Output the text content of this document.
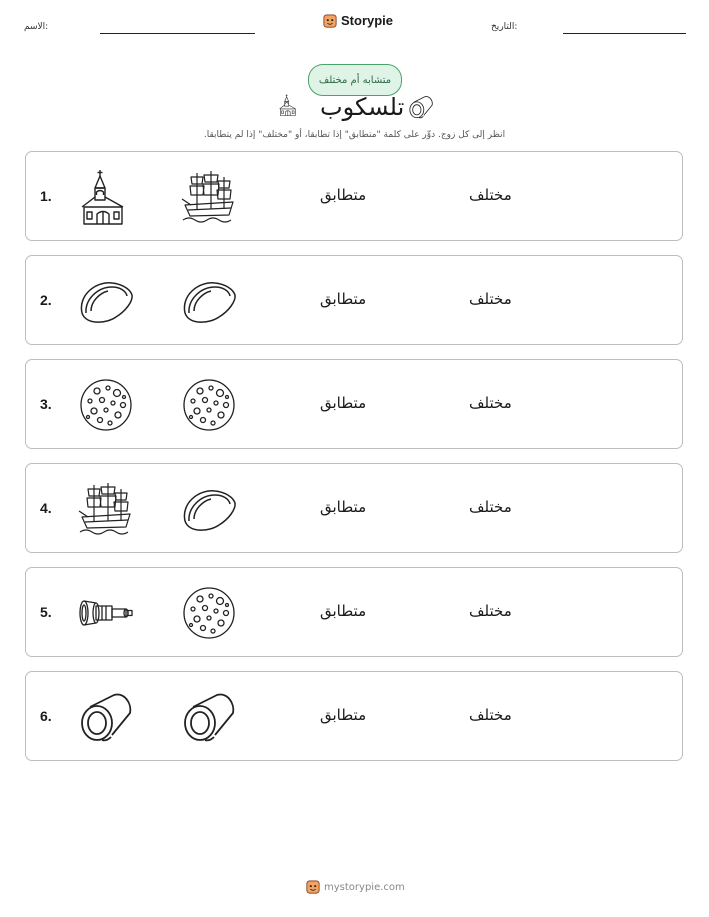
الاسم:	Storypie	التاريخ:
متشابه أم مختلف
تلسكوب
انظر إلى كل زوج. دوِّر على كلمة "متطابق" إذا تطابقا، أو "مختلف" إذا لم يتطابقا.
1.	متطابق	مختلف
2.	متطابق	مختلف
3.	متطابق	مختلف
4.	متطابق	مختلف
5.	متطابق	مختلف
6.	متطابق	مختلف
mystorypie.com
